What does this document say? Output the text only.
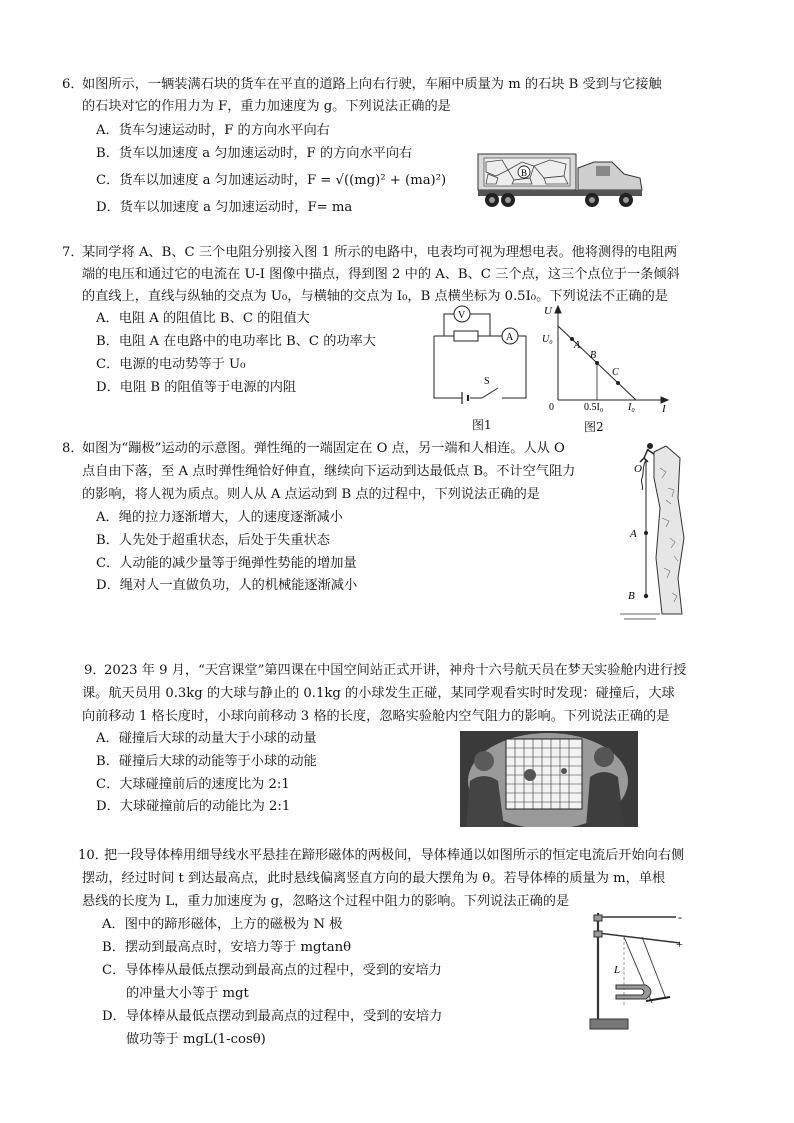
6．
如图所示，一辆装满石块的货车在平直的道路上向右行驶，车厢中质量为 m 的石块 B 受到与它接触
的石块对它的作用力为 F，重力加速度为 g。下列说法正确的是
A．货车匀速运动时，F 的方向水平向右
B．货车以加速度 a 匀加速运动时，F 的方向水平向右
C．货车以加速度 a 匀加速运动时，F = √((mg)² + (ma)²)
D．货车以加速度 a 匀加速运动时，F= ma
B
7．
某同学将 A、B、C 三个电阻分别接入图 1 所示的电路中，电表均可视为理想电表。他将测得的电阻两
端的电压和通过它的电流在 U-I 图像中描点，得到图 2 中的 A、B、C 三个点，这三个点位于一条倾斜
的直线上，直线与纵轴的交点为 U₀，与横轴的交点为 I₀，B 点横坐标为 0.5I₀。下列说法不正确的是
A．电阻 A 的阻值比 B、C 的阻值大
B．电阻 A 在电路中的电功率比 B、C 的功率大
C．电源的电动势等于 U₀
D．电阻 B 的阻值等于电源的内阻
V
A
S
图1
U
I
U₀
0	0.5I₀ I₀
A
B
C
图2
8．
如图为“蹦极”运动的示意图。弹性绳的一端固定在 O 点，另一端和人相连。人从 O
点自由下落，至 A 点时弹性绳恰好伸直，继续向下运动到达最低点 B。不计空气阻力
的影响，将人视为质点。则人从 A 点运动到 B 点的过程中，下列说法正确的是
A．绳的拉力逐渐增大，人的速度逐渐减小
B．人先处于超重状态，后处于失重状态
C．人动能的减少量等于绳弹性势能的增加量
D．绳对人一直做负功，人的机械能逐渐减小
O
A
B
9．
2023 年 9 月，“天宫课堂”第四课在中国空间站正式开讲，神舟十六号航天员在梦天实验舱内进行授
课。航天员用 0.3kg 的大球与静止的 0.1kg 的小球发生正碰，某同学观看实时时发现：碰撞后，大球
向前移动 1 格长度时，小球向前移动 3 格的长度，忽略实验舱内空气阻力的影响。下列说法正确的是
A．碰撞后大球的动量大于小球的动量
B．碰撞后大球的动能等于小球的动能
C．大球碰撞前后的速度比为 2:1
D．大球碰撞前后的动能比为 2:1
10．
把一段导体棒用细导线水平悬挂在蹄形磁体的两极间，导体棒通以如图所示的恒定电流后开始向右侧
摆动，经过时间 t 到达最高点，此时悬线偏离竖直方向的最大摆角为 θ。若导体棒的质量为 m，单根
悬线的长度为 L，重力加速度为 g，忽略这个过程中阻力的影响。下列说法正确的是
A．图中的蹄形磁体，上方的磁极为 N 极
B．摆动到最高点时，安培力等于 mgtanθ
C．导体棒从最低点摆动到最高点的过程中，受到的安培力
的冲量大小等于 mgt
D．导体棒从最低点摆动到最高点的过程中，受到的安培力
做功等于 mgL(1-cosθ)
L
-
+
